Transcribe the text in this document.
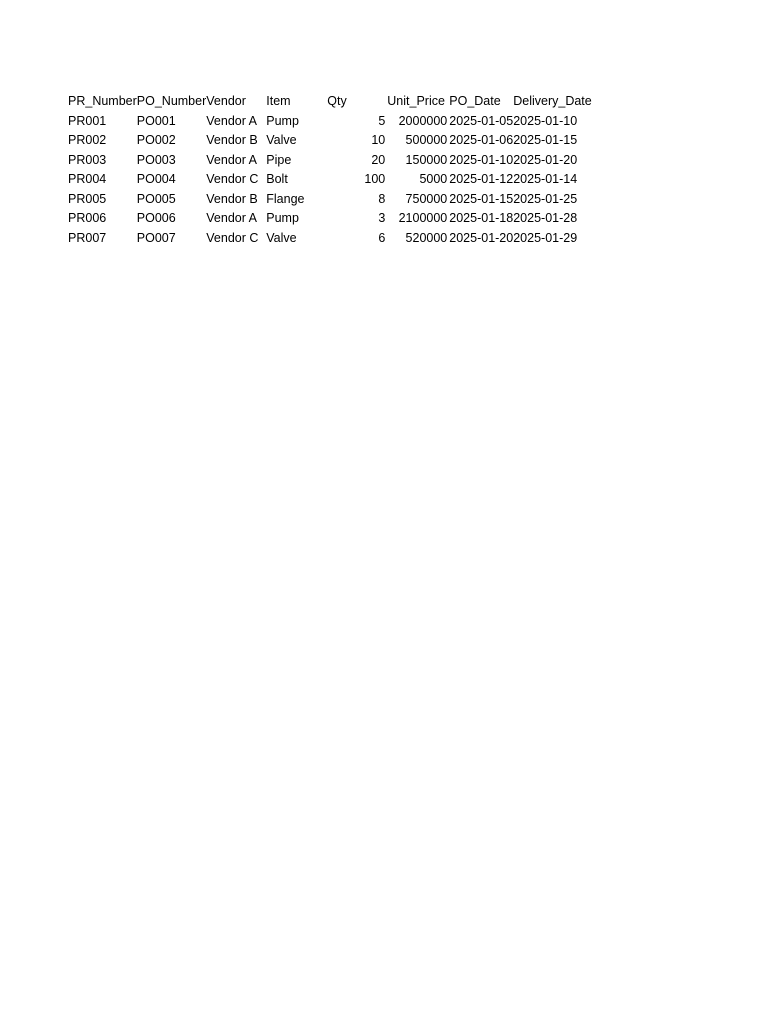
PR_Number	PO_Number	Vendor	Item	Qty	Unit_Price	PO_Date	Delivery_Date
PR001	PO001	Vendor A	Pump	5	2000000	2025-01-05	2025-01-10
PR002	PO002	Vendor B	Valve	10	500000	2025-01-06	2025-01-15
PR003	PO003	Vendor A	Pipe	20	150000	2025-01-10	2025-01-20
PR004	PO004	Vendor C	Bolt	100	5000	2025-01-12	2025-01-14
PR005	PO005	Vendor B	Flange	8	750000	2025-01-15	2025-01-25
PR006	PO006	Vendor A	Pump	3	2100000	2025-01-18	2025-01-28
PR007	PO007	Vendor C	Valve	6	520000	2025-01-20	2025-01-29
